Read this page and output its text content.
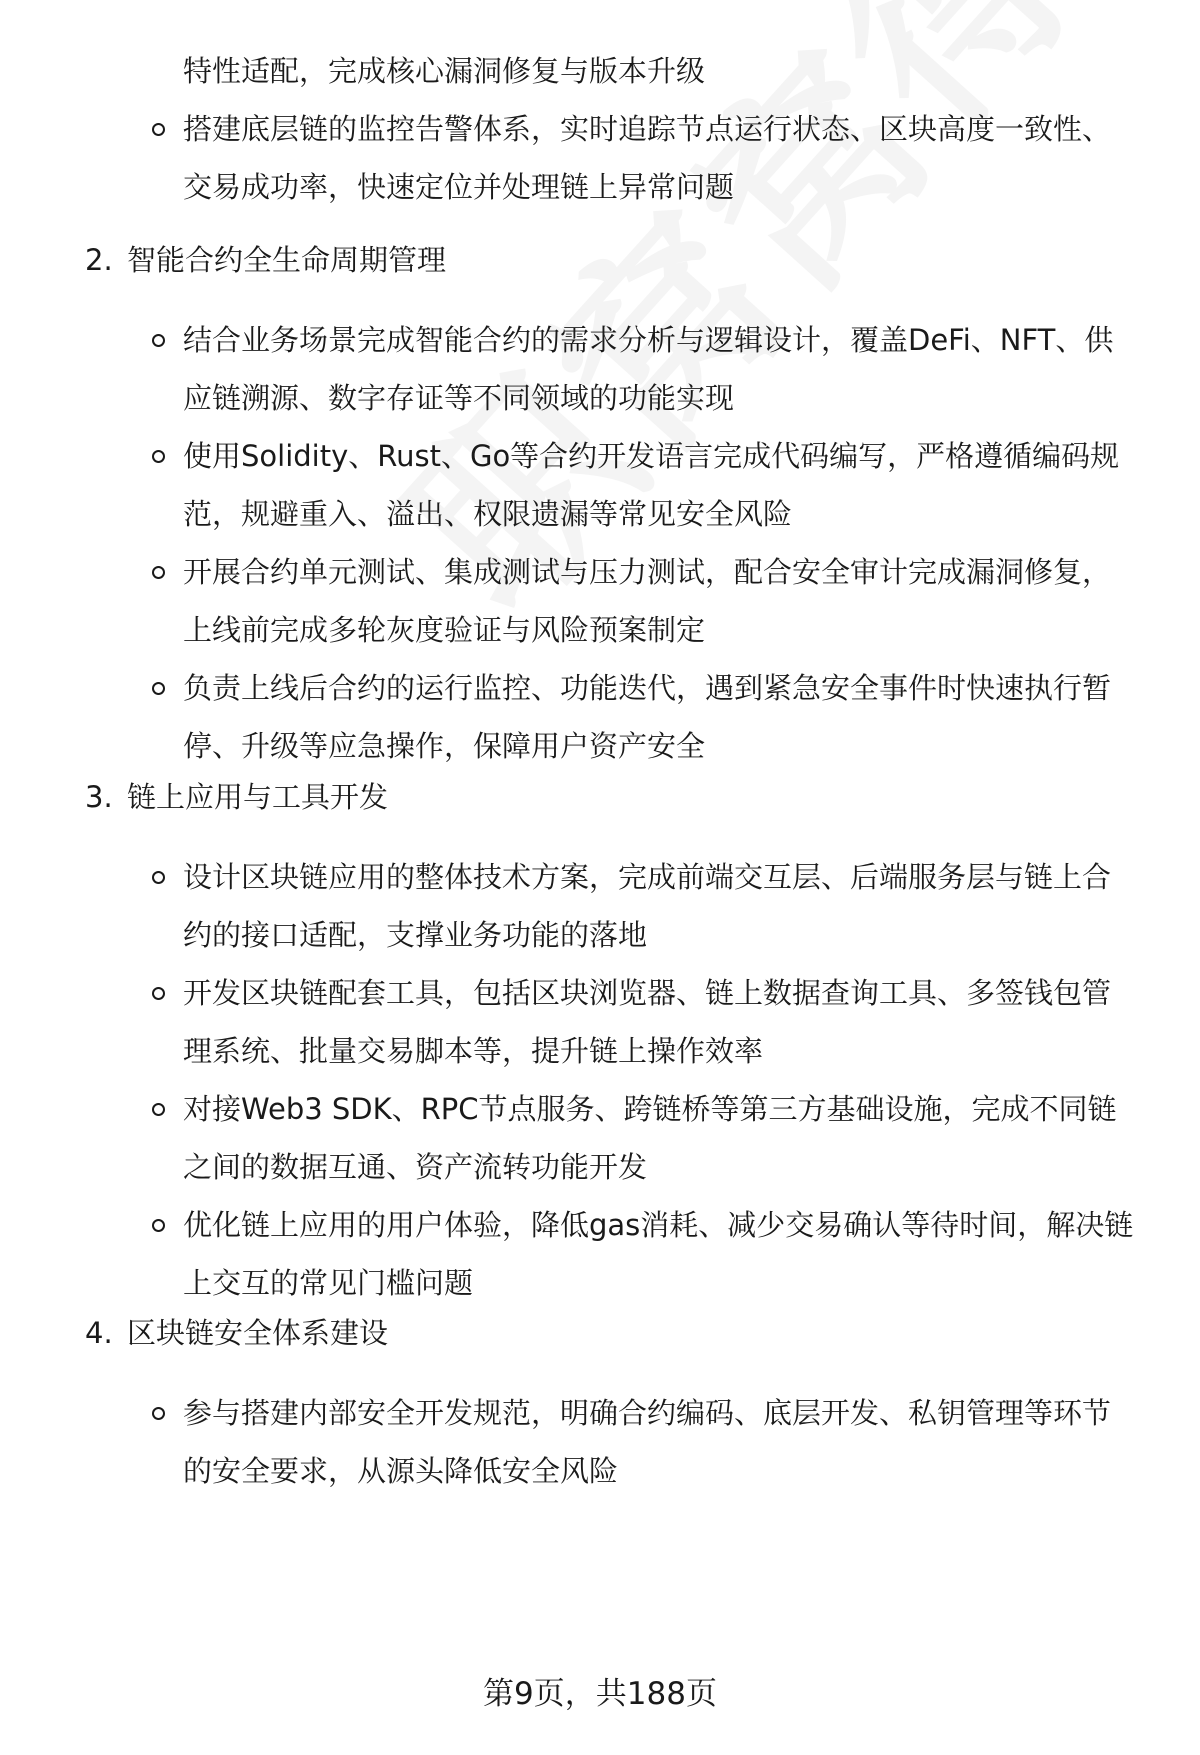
特性适配，完成核心漏洞修复与版本升级
搭建底层链的监控告警体系，实时追踪节点运行状态、区块高度一致性、
交易成功率，快速定位并处理链上异常问题
2. 智能合约全生命周期管理
结合业务场景完成智能合约的需求分析与逻辑设计，覆盖DeFi、NFT、供
应链溯源、数字存证等不同领域的功能实现
使用Solidity、Rust、Go等合约开发语言完成代码编写，严格遵循编码规
范，规避重入、溢出、权限遗漏等常见安全风险
开展合约单元测试、集成测试与压力测试，配合安全审计完成漏洞修复，
上线前完成多轮灰度验证与风险预案制定
负责上线后合约的运行监控、功能迭代，遇到紧急安全事件时快速执行暂
停、升级等应急操作，保障用户资产安全
3. 链上应用与工具开发
设计区块链应用的整体技术方案，完成前端交互层、后端服务层与链上合
约的接口适配，支撑业务功能的落地
开发区块链配套工具，包括区块浏览器、链上数据查询工具、多签钱包管
理系统、批量交易脚本等，提升链上操作效率
对接Web3 SDK、RPC节点服务、跨链桥等第三方基础设施，完成不同链
之间的数据互通、资产流转功能开发
优化链上应用的用户体验，降低gas消耗、减少交易确认等待时间，解决链
上交互的常见门槛问题
4. 区块链安全体系建设
参与搭建内部安全开发规范，明确合约编码、底层开发、私钥管理等环节
的安全要求，从源头降低安全风险
第9页，共188页
